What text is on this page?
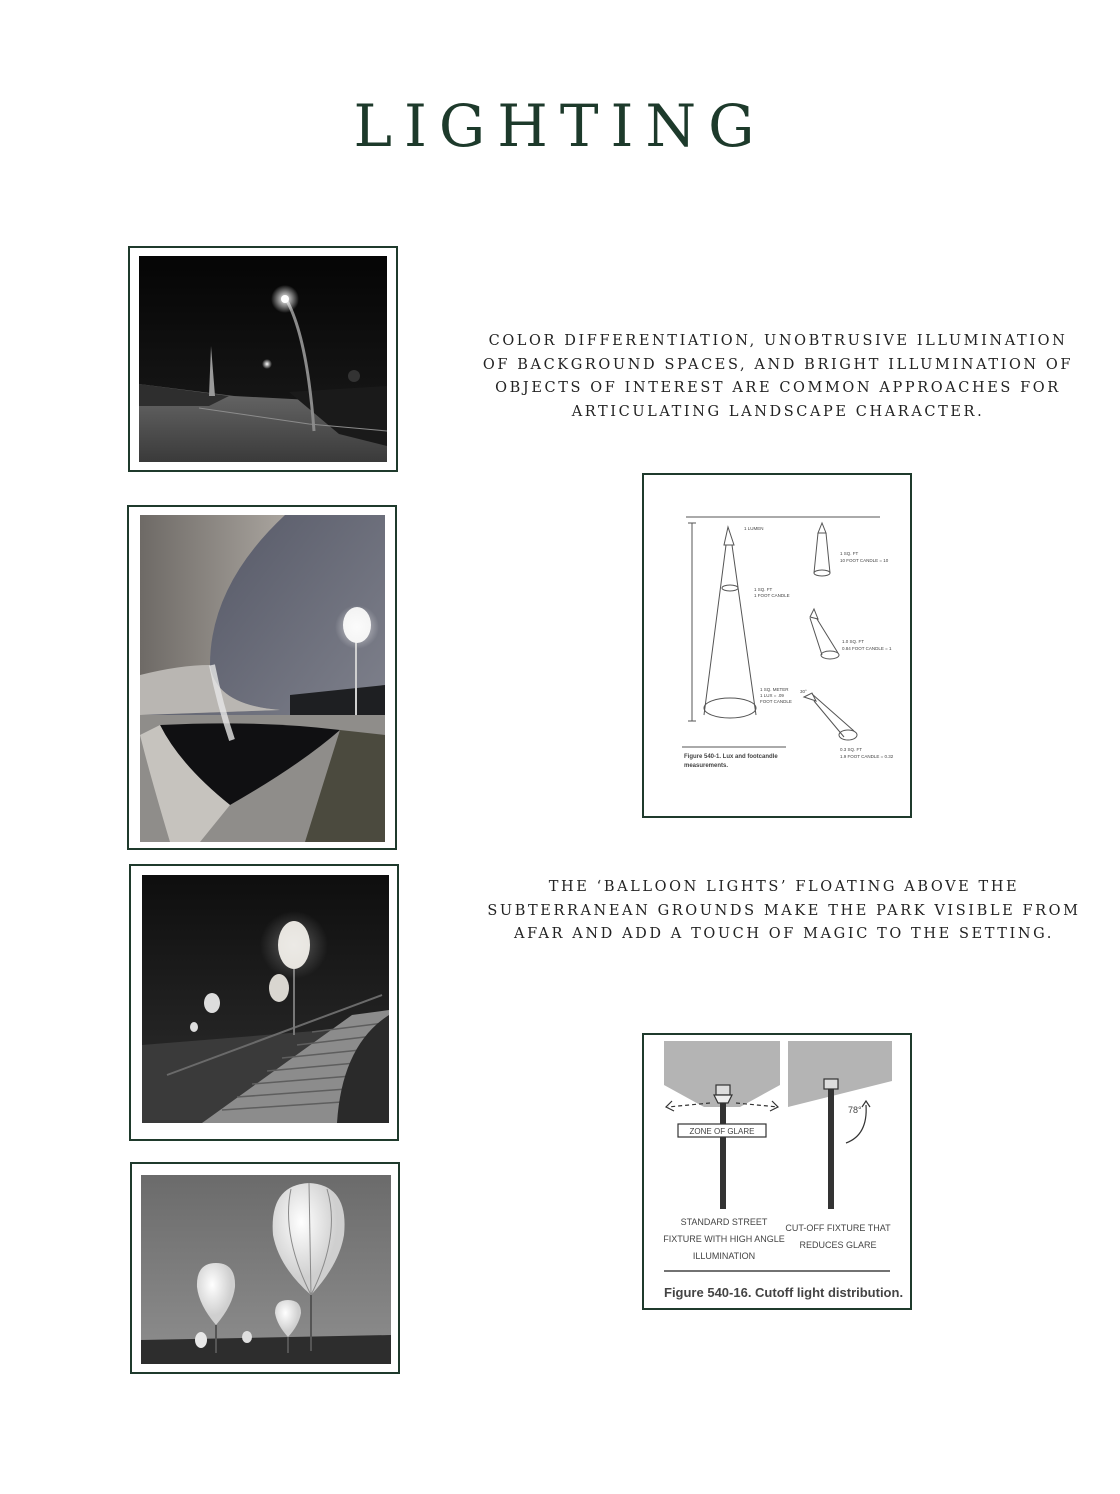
LIGHTING
COLOR DIFFERENTIATION, UNOBTRUSIVE ILLUMINATION OF BACKGROUND SPACES, AND BRIGHT ILLUMINATION OF OBJECTS OF INTEREST ARE COMMON APPROACHES FOR ARTICULATING LANDSCAPE CHARACTER.
1 LUMEN
1 SQ. FT
10 FOOT CANDLE = 10
1 SQ. FT
1 FOOT CANDLE
1.0 SQ. FT
0.84 FOOT CANDLE = 1
1 SQ. METER
1 LUX = .09
FOOT CANDLE
0.3 SQ. FT
1.9 FOOT CANDLE = 0.32
30°
Figure 540-1. Lux and footcandle
measurements.
THE ‘BALLOON LIGHTS’ FLOATING ABOVE THE SUBTERRANEAN GROUNDS MAKE THE PARK VISIBLE FROM AFAR AND ADD A TOUCH OF MAGIC TO THE SETTING.
ZONE OF GLARE
78°
STANDARD STREET
FIXTURE WITH HIGH ANGLE
ILLUMINATION
CUT-OFF FIXTURE THAT
REDUCES GLARE
Figure 540-16. Cutoff light distribution.
